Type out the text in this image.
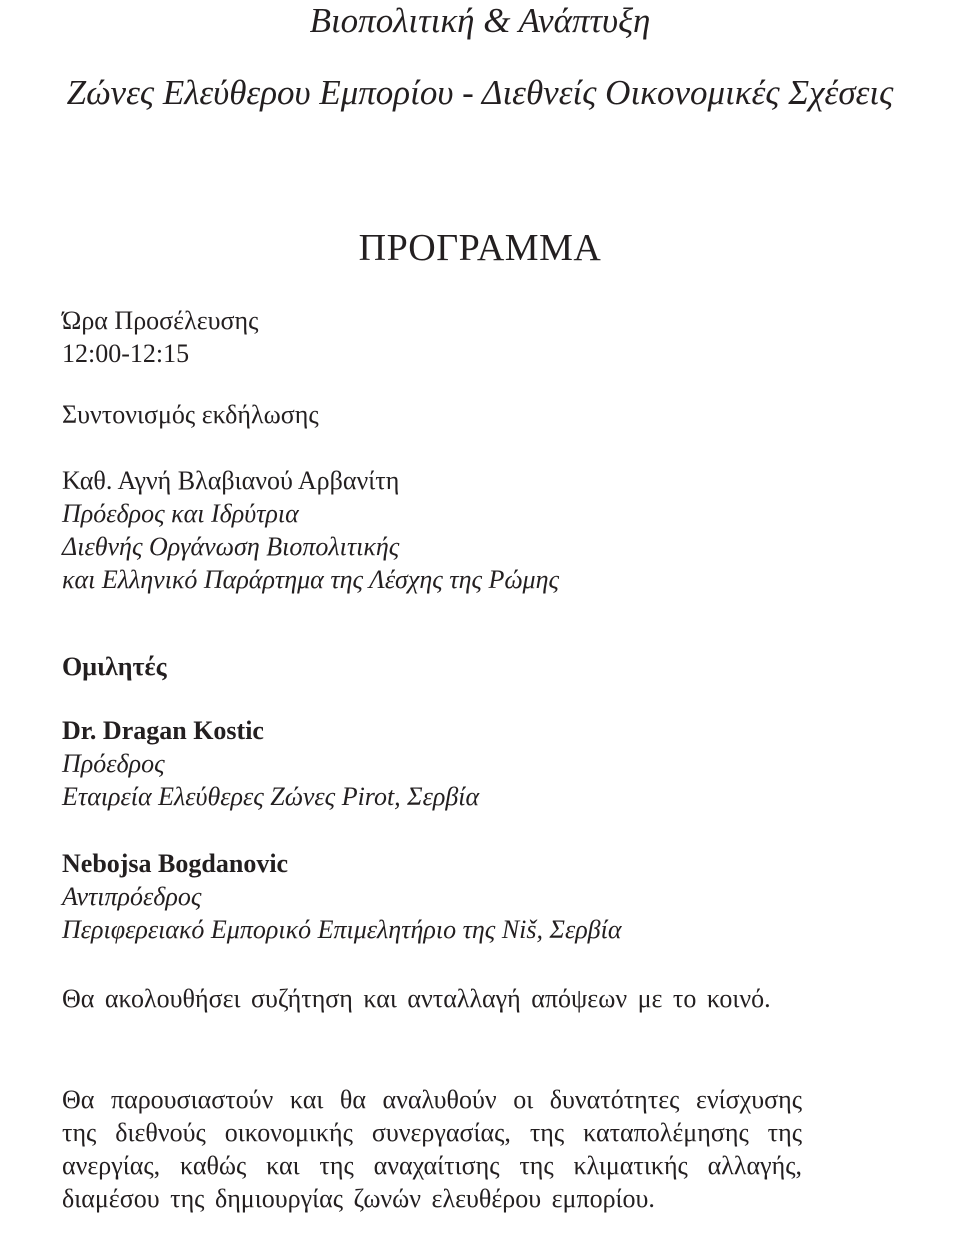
Βιοπολιτική & Ανάπτυξη
Ζώνες Ελεύθερου Εμπορίου - Διεθνείς Οικονομικές Σχέσεις
ΠΡΟΓΡΑΜΜΑ
Ώρα Προσέλευσης
12:00-12:15
Συντονισμός εκδήλωσης
Καθ. Αγνή Βλαβιανού Αρβανίτη
Πρόεδρος και Ιδρύτρια
Διεθνής Οργάνωση Βιοπολιτικής
και Ελληνικό Παράρτημα της Λέσχης της Ρώμης
Ομιλητές
Dr. Dragan Kostic
Πρόεδρος
Εταιρεία Ελεύθερες Ζώνες Pirot, Σερβία
Nebojsa Bogdanovic
Αντιπρόεδρος
Περιφερειακό Εμπορικό Επιμελητήριο της Niš, Σερβία
Θα ακολουθήσει συζήτηση και ανταλλαγή απόψεων με το κοινό.
Θα παρουσιαστούν και θα αναλυθούν οι δυνατότητες ενίσχυσης της διεθνούς οικονομικής συνεργασίας, της καταπολέμησης της ανεργίας, καθώς και της αναχαίτισης της κλιματικής αλλαγής, διαμέσου της δημιουργίας ζωνών ελευθέρου εμπορίου.
